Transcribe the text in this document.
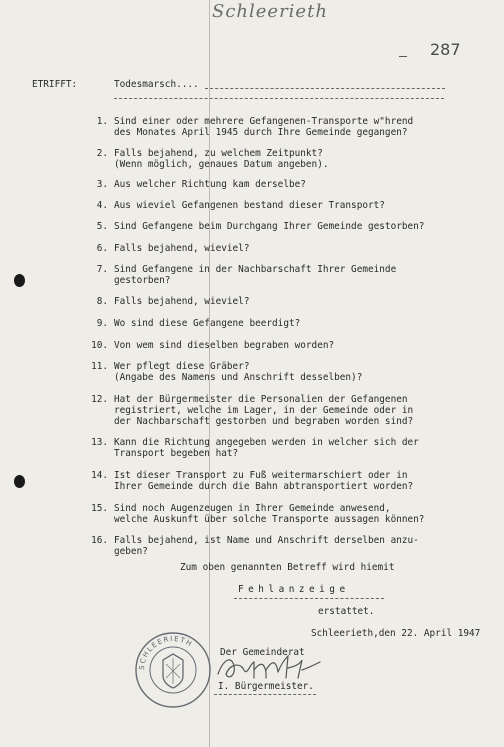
Schleerieth
287
ETRIFFT:	Todesmarsch....
1. Sind einer oder mehrere Gefangenen-Transporte w"hrend
des Monates April 1945 durch Ihre Gemeinde gegangen?
2. Falls bejahend, zu welchem Zeitpunkt?
(Wenn möglich, genaues Datum angeben).
3. Aus welcher Richtung kam derselbe?
4. Aus wieviel Gefangenen bestand dieser Transport?
5. Sind Gefangene beim Durchgang Ihrer Gemeinde gestorben?
6. Falls bejahend, wieviel?
7. Sind Gefangene in der Nachbarschaft Ihrer Gemeinde
gestorben?
8. Falls bejahend, wieviel?
9. Wo sind diese Gefangene beerdigt?
10. Von wem sind dieselben begraben worden?
11. Wer pflegt diese Gräber?
(Angabe des Namens und Anschrift desselben)?
12. Hat der Bürgermeister die Personalien der Gefangenen
registriert, welche im Lager, in der Gemeinde oder in
der Nachbarschaft gestorben und begraben worden sind?
13. Kann die Richtung angegeben werden in welcher sich der
Transport begeben hat?
14. Ist dieser Transport zu Fuß weitermarschiert oder in
Ihrer Gemeinde durch die Bahn abtransportiert worden?
15. Sind noch Augenzeugen in Ihrer Gemeinde anwesend,
welche Auskunft über solche Transporte aussagen können?
16. Falls bejahend, ist Name und Anschrift derselben anzu-
geben?
Zum oben genannten Betreff wird hiemit
Fehlanzeige
erstattet.
Schleerieth,den 22. April 1947
Der Gemeinderat
I. Bürgermeister.
SCHLEERIETH
